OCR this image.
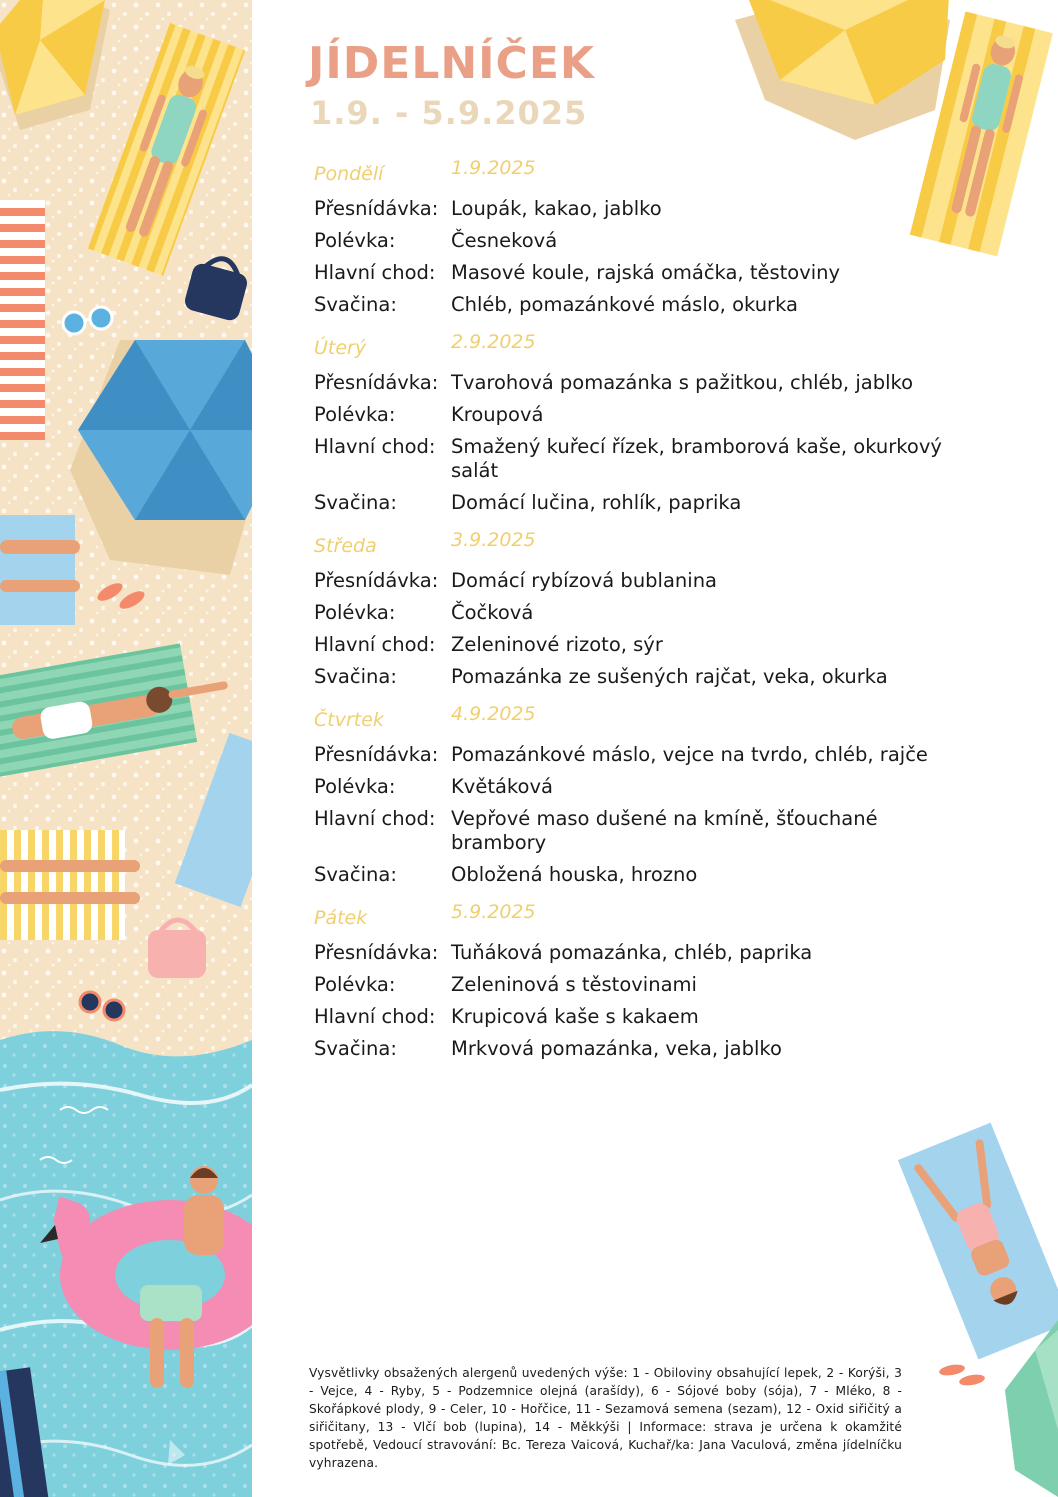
JÍDELNÍČEK
1.9. - 5.9.2025
Pondělí	1.9.2025
Přesnídávka: Loupák, kakao, jablko
Polévka:	Česneková
Hlavní chod: Masové koule, rajská omáčka, těstoviny
Svačina:	Chléb, pomazánkové máslo, okurka
Úterý	2.9.2025
Přesnídávka: Tvarohová pomazánka s pažitkou, chléb, jablko
Polévka:	Kroupová
Hlavní chod: Smažený kuřecí řízek, bramborová kaše, okurkový salát
Svačina:	Domácí lučina, rohlík, paprika
Středa	3.9.2025
Přesnídávka: Domácí rybízová bublanina
Polévka:	Čočková
Hlavní chod: Zeleninové rizoto, sýr
Svačina:	Pomazánka ze sušených rajčat, veka, okurka
Čtvrtek	4.9.2025
Přesnídávka: Pomazánkové máslo, vejce na tvrdo, chléb, rajče
Polévka:	Květáková
Hlavní chod: Vepřové maso dušené na kmíně, šťouchané brambory
Svačina:	Obložená houska, hrozno
Pátek	5.9.2025
Přesnídávka: Tuňáková pomazánka, chléb, paprika
Polévka:	Zeleninová s těstovinami
Hlavní chod: Krupicová kaše s kakaem
Svačina:	Mrkvová pomazánka, veka, jablko
Vysvětlivky obsažených alergenů uvedených výše: 1 - Obiloviny obsahující lepek, 2 - Korýši, 3 - Vejce, 4 - Ryby, 5 - Podzemnice olejná (arašídy), 6 - Sójové boby (sója), 7 - Mléko, 8 - Skořápkové plody, 9 - Celer, 10 - Hořčice, 11 - Sezamová semena (sezam), 12 - Oxid siřičitý a siřičitany, 13 - Vlčí bob (lupina), 14 - Měkkýši | Informace: strava je určena k okamžité spotřebě, Vedoucí stravování: Bc. Tereza Vaicová, Kuchař/ka: Jana Vaculová, změna jídelníčku vyhrazena.
